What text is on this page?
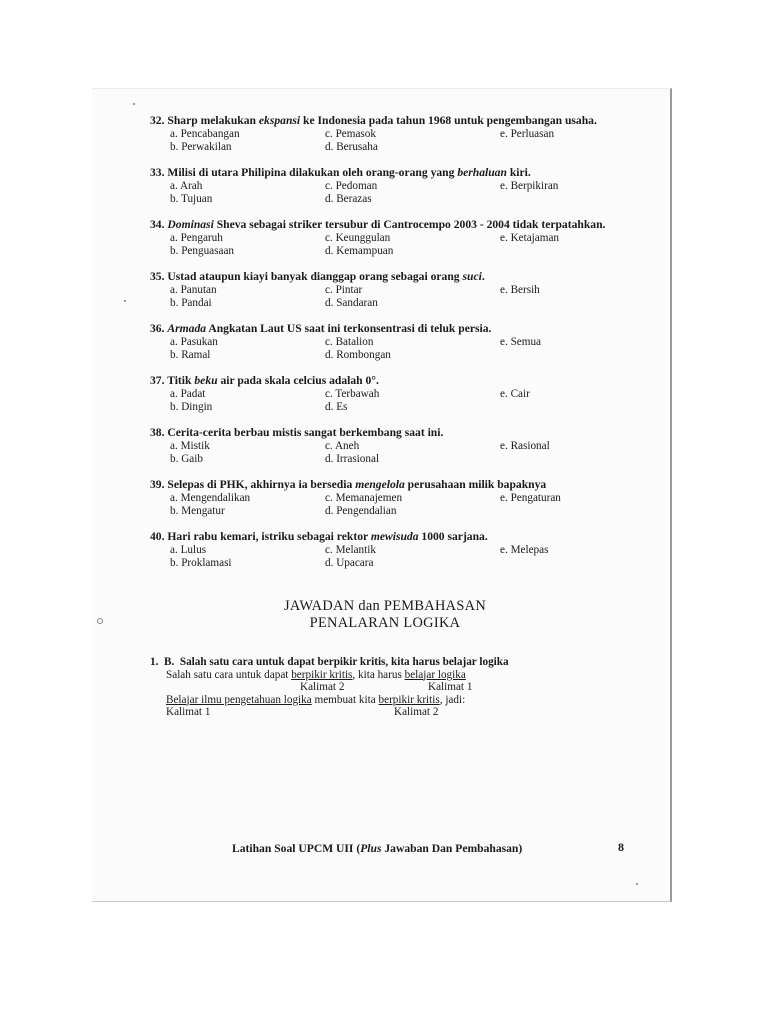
32. Sharp melakukan ekspansi ke Indonesia pada tahun 1968 untuk pengembangan usaha.
a. Pencabangan	c. Pemasok	e. Perluasan
b. Perwakilan	d. Berusaha
33. Milisi di utara Philipina dilakukan oleh orang-orang yang berhaluan kiri.
a. Arah	c. Pedoman	e. Berpikiran
b. Tujuan	d. Berazas
34. Dominasi Sheva sebagai striker tersubur di Cantrocempo 2003 - 2004 tidak terpatahkan.
a. Pengaruh	c. Keunggulan	e. Ketajaman
b. Penguasaan	d. Kemampuan
35. Ustad ataupun kiayi banyak dianggap orang sebagai orang suci.
a. Panutan	c. Pintar	e. Bersih
b. Pandai	d. Sandaran
36. Armada Angkatan Laut US saat ini terkonsentrasi di teluk persia.
a. Pasukan	c. Batalion	e. Semua
b. Ramal	d. Rombongan
37. Titik beku air pada skala celcius adalah 0°.
a. Padat	c. Terbawah	e. Cair
b. Dingin	d. Es
38. Cerita-cerita berbau mistis sangat berkembang saat ini.
a. Mistik	c. Aneh	e. Rasional
b. Gaib	d. Irrasional
39. Selepas di PHK, akhirnya ia bersedia mengelola perusahaan milik bapaknya
a. Mengendalikan	c. Memanajemen	e. Pengaturan
b. Mengatur	d. Pengendalian
40. Hari rabu kemari, istriku sebagai rektor mewisuda 1000 sarjana.
a. Lulus	c. Melantik	e. Melepas
b. Proklamasi	d. Upacara
JAWADAN dan PEMBAHASAN
PENALARAN LOGIKA
1. B. Salah satu cara untuk dapat berpikir kritis, kita harus belajar logika
Salah satu cara untuk dapat berpikir kritis, kita harus belajar logika
Kalimat 2	Kalimat 1
Belajar ilmu pengetahuan logika membuat kita berpikir kritis, jadi:
Kalimat 1	Kalimat 2
Latihan Soal UPCM UII (Plus Jawaban Dan Pembahasan)	8
